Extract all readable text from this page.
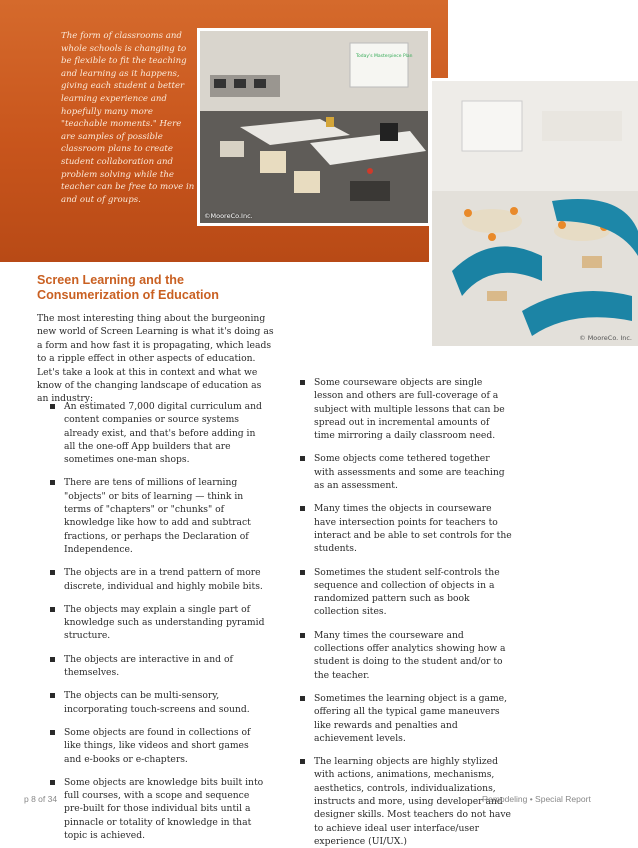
The form of classrooms and whole schools is changing to be flexible to fit the teaching and learning as it happens, giving each student a better learning experience and hopefully many more "teachable moments." Here are samples of possible classroom plans to create student collaboration and problem solving while the teacher can be free to move in and out of groups.
Today's Masterpiece Plan
©MooreCo.Inc.
© MooreCo. Inc.
Screen Learning and the Consumerization of Education
The most interesting thing about the burgeoning new world of Screen Learning is what it's doing as a form and how fast it is propagating, which leads to a ripple effect in other aspects of education. Let's take a look at this in context and what we know of the changing landscape of education as an industry:
An estimated 7,000 digital curriculum and content companies or source systems already exist, and that's before adding in all the one-off App builders that are sometimes one-man shops.
There are tens of millions of learning "objects" or bits of learning — think in terms of "chapters" or "chunks" of knowledge like how to add and subtract fractions, or perhaps the Declaration of Independence.
The objects are in a trend pattern of more discrete, individual and highly mobile bits.
The objects may explain a single part of knowledge such as understanding pyramid structure.
The objects are interactive in and of themselves.
The objects can be multi-sensory, incorporating touch-screens and sound.
Some objects are found in collections of like things, like videos and short games and e-books or e-chapters.
Some objects are knowledge bits built into full courses, with a scope and sequence pre-built for those individual bits until a pinnacle or totality of knowledge in that topic is achieved.
Some courseware objects are single lesson and others are full-coverage of a subject with multiple lessons that can be spread out in incremental amounts of time mirroring a daily classroom need.
Some objects come tethered together with assessments and some are teaching as an assessment.
Many times the objects in courseware have intersection points for teachers to interact and be able to set controls for the students.
Sometimes the student self-controls the sequence and collection of objects in a randomized pattern such as book collection sites.
Many times the courseware and collections offer analytics showing how a student is doing to the student and/or to the teacher.
Sometimes the learning object is a game, offering all the typical game maneuvers like rewards and penalties and achievement levels.
The learning objects are highly stylized with actions, animations, mechanisms, aesthetics, controls, individualizations, instructs and more, using developer and designer skills. Most teachers do not have to achieve ideal user interface/user experience (UI/UX.)
p 8 of 34	Remodeling • Special Report
